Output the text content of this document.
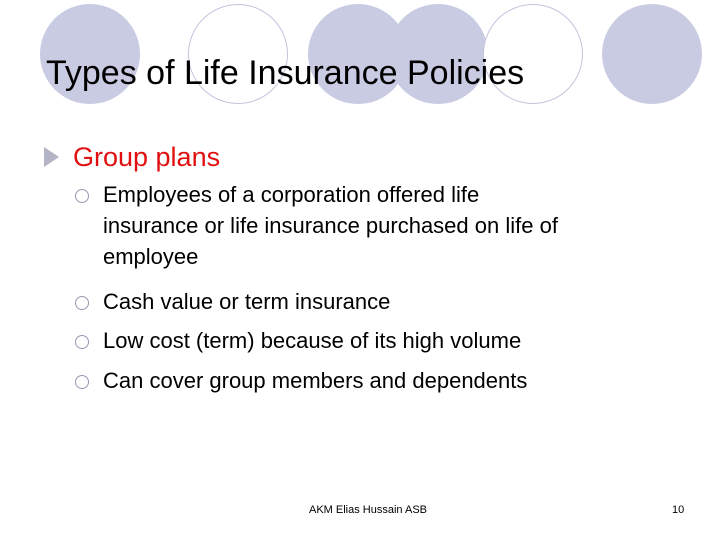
Types of Life Insurance Policies
Group plans
Employees of a corporation offered life
insurance or life insurance purchased on life of
employee
Cash value or term insurance
Low cost (term) because of its high volume
Can cover group members and dependents
AKM Elias Hussain ASB	10
